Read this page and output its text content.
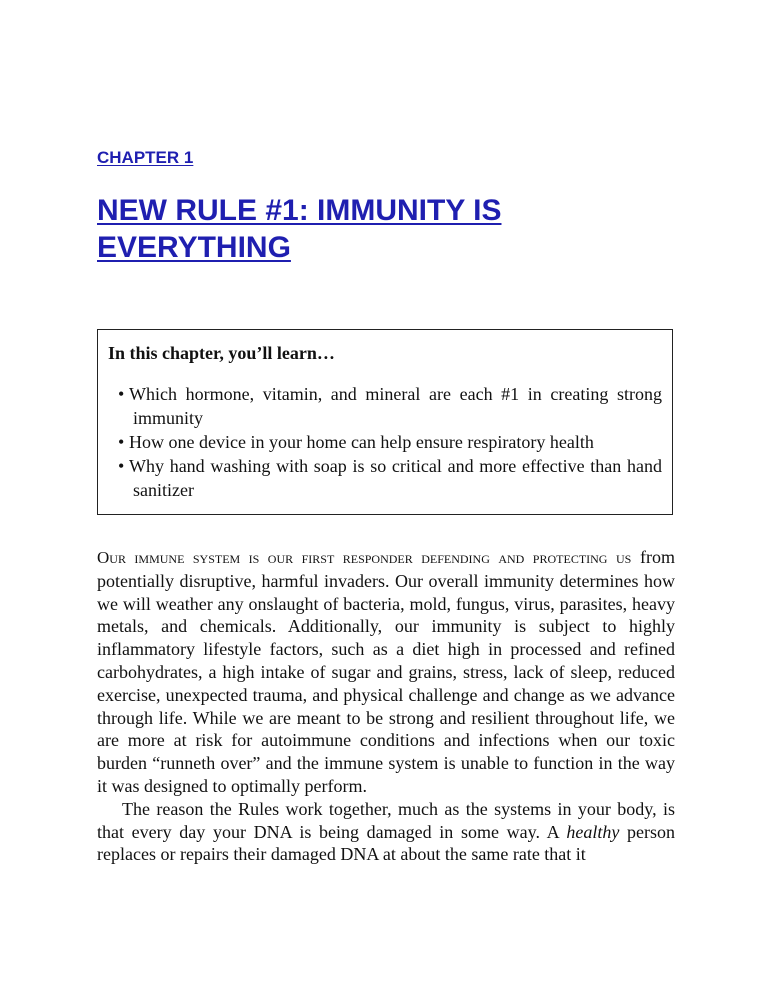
CHAPTER 1
NEW RULE #1: IMMUNITY IS EVERYTHING
In this chapter, you’ll learn…
• Which hormone, vitamin, and mineral are each #1 in creating strong immunity
• How one device in your home can help ensure respiratory health
• Why hand washing with soap is so critical and more effective than hand sanitizer

Our immune system is our first responder defending and protecting us from potentially disruptive, harmful invaders. Our overall immunity determines how we will weather any onslaught of bacteria, mold, fungus, virus, parasites, heavy metals, and chemicals. Additionally, our immunity is subject to highly inflammatory lifestyle factors, such as a diet high in processed and refined carbohydrates, a high intake of sugar and grains, stress, lack of sleep, reduced exercise, unexpected trauma, and physical challenge and change as we advance through life. While we are meant to be strong and resilient throughout life, we are more at risk for autoimmune conditions and infections when our toxic burden “runneth over” and the immune system is unable to function in the way it was designed to optimally perform.

The reason the Rules work together, much as the systems in your body, is that every day your DNA is being damaged in some way. A healthy person replaces or repairs their damaged DNA at about the same rate that it
